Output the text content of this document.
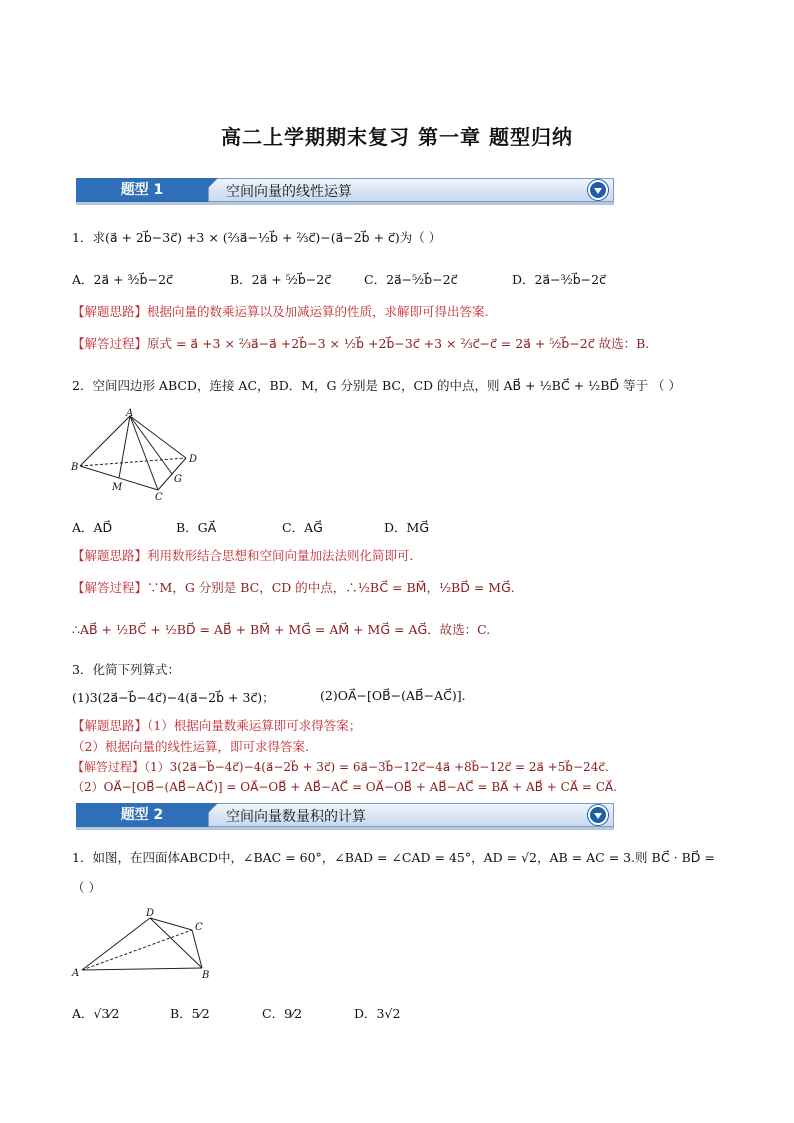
高二上学期期末复习 第一章 题型归纳
题型 1	空间向量的线性运算
1．求(a⃗ + 2b⃗−3c⃗) +3 × (²⁄₃a⃗−½b⃗ + ²⁄₃c⃗)−(a⃗−2b⃗ + c⃗)为（ ）
A．2a⃗ + ³⁄₂b⃗−2c⃗	B．2a⃗ + ⁵⁄₂b⃗−2c⃗	C．2a⃗−⁵⁄₂b⃗−2c⃗	D．2a⃗−³⁄₂b⃗−2c⃗
【解题思路】根据向量的数乘运算以及加减运算的性质，求解即可得出答案.
【解答过程】原式 = a⃗ +3 × ²⁄₃a⃗−a⃗ +2b⃗−3 × ½b⃗ +2b⃗−3c⃗ +3 × ²⁄₃c⃗−c⃗ = 2a⃗ + ⁵⁄₂b⃗−2c⃗ 故选：B.
2．空间四边形 ABCD，连接 AC，BD．M，G 分别是 BC，CD 的中点，则 AB⃗ + ½BC⃗ + ½BD⃗ 等于 （ ）
A
B
D
M
G
C
A．AD⃗	B．GA⃗	C．AG⃗	D．MG⃗
【解题思路】利用数形结合思想和空间向量加法法则化简即可．
【解答过程】∵M，G 分别是 BC，CD 的中点，∴½BC⃗ = BM⃗，½BD⃗ = MG⃗.
∴AB⃗ + ½BC⃗ + ½BD⃗ = AB⃗ + BM⃗ + MG⃗ = AM⃗ + MG⃗ = AG⃗．故选：C.
3．化简下列算式：
(1)3(2a⃗−b⃗−4c⃗)−4(a⃗−2b⃗ + 3c⃗)；	(2)OA⃗−[OB⃗−(AB⃗−AC⃗)].
【解题思路】（1）根据向量数乘运算即可求得答案；
（2）根据向量的线性运算，即可求得答案.
【解答过程】（1）3(2a⃗−b⃗−4c⃗)−4(a⃗−2b⃗ + 3c⃗) = 6a⃗−3b⃗−12c⃗−4a⃗ +8b⃗−12c⃗ = 2a⃗ +5b⃗−24c⃗.
（2）OA⃗−[OB⃗−(AB⃗−AC⃗)] = OA⃗−OB⃗ + AB⃗−AC⃗ = OA⃗−OB⃗ + AB⃗−AC⃗ = BA⃗ + AB⃗ + CA⃗ = CA⃗.
题型 2	空间向量数量积的计算
1．如图，在四面体ABCD中，∠BAC = 60°，∠BAD = ∠CAD = 45°，AD = √2，AB = AC = 3.则 BC⃗ · BD⃗ =
（ ）
D
C
A	B
A．√3⁄2	B．5⁄2	C．9⁄2	D．3√2
